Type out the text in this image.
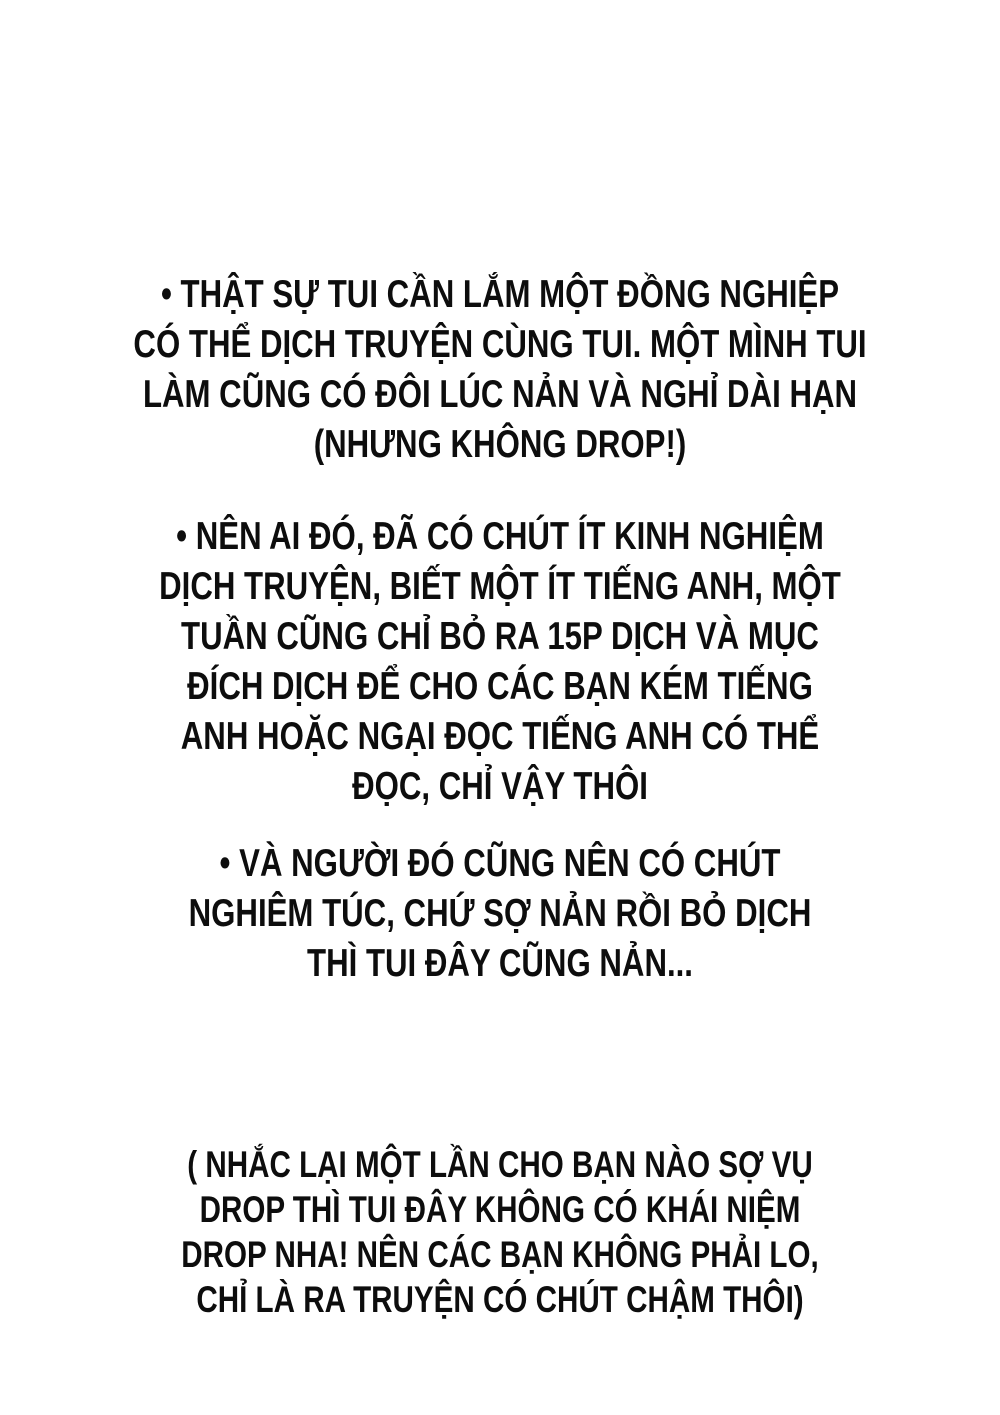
• THẬT SỰ TUI CẦN LẮM MỘT ĐỒNG NGHIỆP
CÓ THỂ DỊCH TRUYỆN CÙNG TUI. MỘT MÌNH TUI
LÀM CŨNG CÓ ĐÔI LÚC NẢN VÀ NGHỈ DÀI HẠN
(NHƯNG KHÔNG DROP!)
• NÊN AI ĐÓ, ĐÃ CÓ CHÚT ÍT KINH NGHIỆM
DỊCH TRUYỆN, BIẾT MỘT ÍT TIẾNG ANH, MỘT
TUẦN CŨNG CHỈ BỎ RA 15P DỊCH VÀ MỤC
ĐÍCH DỊCH ĐỂ CHO CÁC BẠN KÉM TIẾNG
ANH HOẶC NGẠI ĐỌC TIẾNG ANH CÓ THỂ
ĐỌC, CHỈ VẬY THÔI
• VÀ NGƯỜI ĐÓ CŨNG NÊN CÓ CHÚT
NGHIÊM TÚC, CHỨ SỢ NẢN RỒI BỎ DỊCH
THÌ TUI ĐÂY CŨNG NẢN...
( NHẮC LẠI MỘT LẦN CHO BẠN NÀO SỢ VỤ
DROP THÌ TUI ĐÂY KHÔNG CÓ KHÁI NIỆM
DROP NHA! NÊN CÁC BẠN KHÔNG PHẢI LO,
CHỈ LÀ RA TRUYỆN CÓ CHÚT CHẬM THÔI)
